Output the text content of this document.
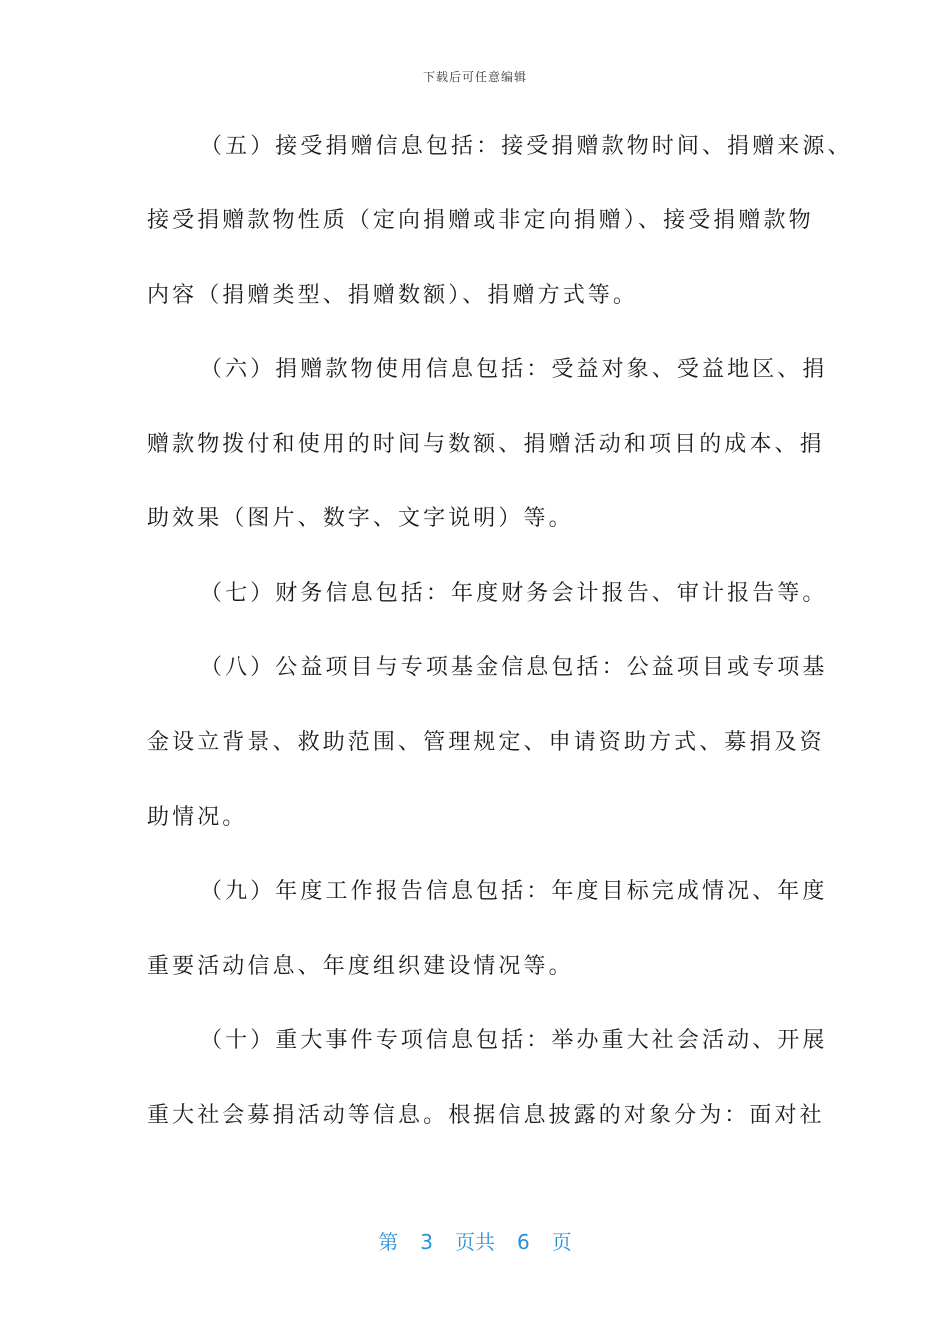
下载后可任意编辑
（五）接受捐赠信息包括：接受捐赠款物时间、捐赠来源、
接受捐赠款物性质（定向捐赠或非定向捐赠）、接受捐赠款物
内容（捐赠类型、捐赠数额）、捐赠方式等。
（六）捐赠款物使用信息包括：受益对象、受益地区、捐
赠款物拨付和使用的时间与数额、捐赠活动和项目的成本、捐
助效果（图片、数字、文字说明）等。
（七）财务信息包括：年度财务会计报告、审计报告等。
（八）公益项目与专项基金信息包括：公益项目或专项基
金设立背景、救助范围、管理规定、申请资助方式、募捐及资
助情况。
（九）年度工作报告信息包括：年度目标完成情况、年度
重要活动信息、年度组织建设情况等。
（十）重大事件专项信息包括：举办重大社会活动、开展
重大社会募捐活动等信息。根据信息披露的对象分为：面对社
第 3 页共 6 页
